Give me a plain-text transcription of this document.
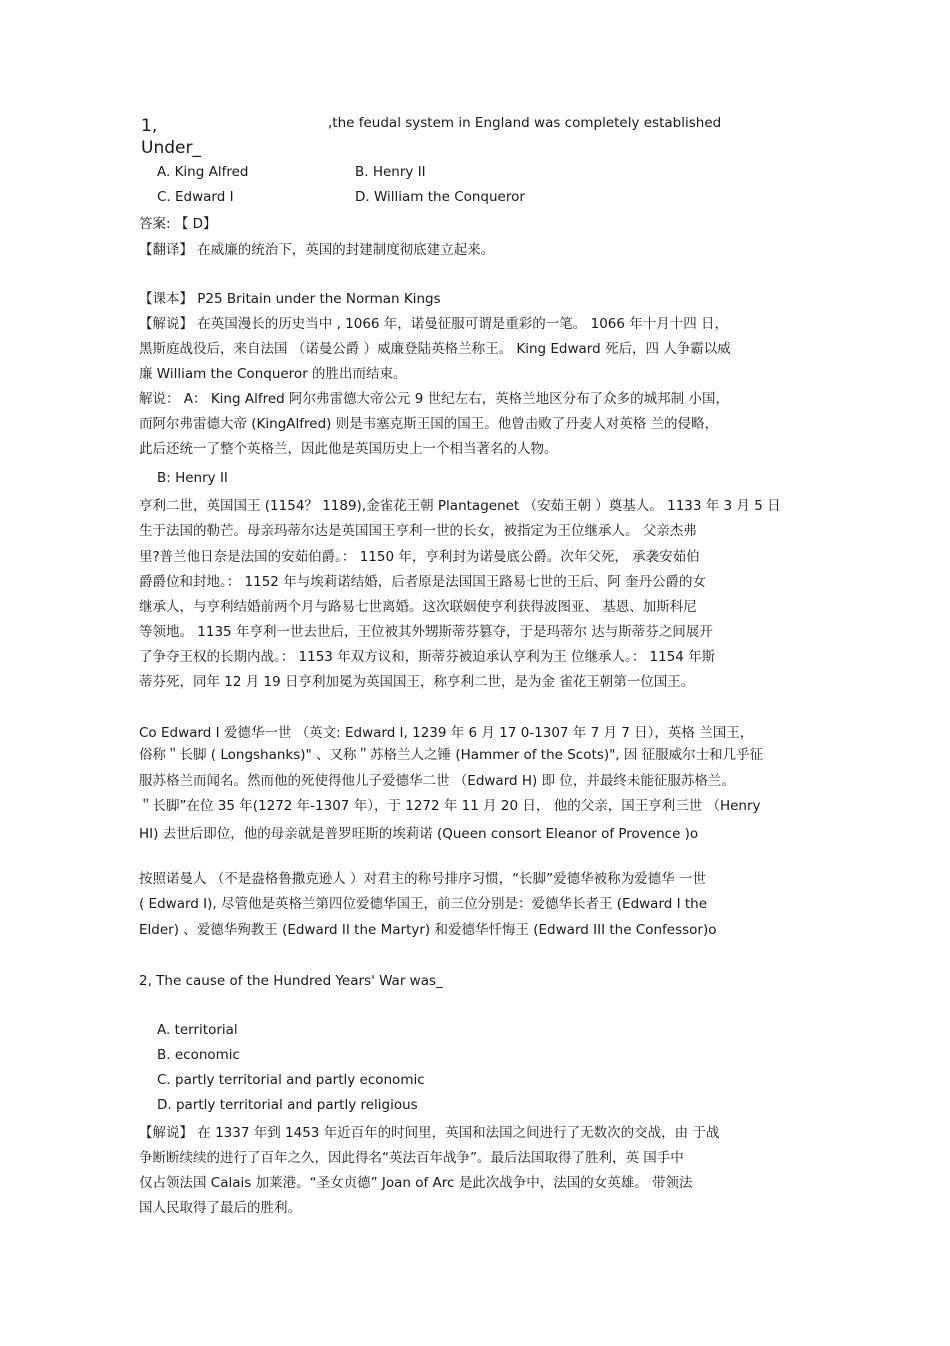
1,	,the feudal system in England was completely established
Under_
A. King Alfred	B. Henry II
C. Edward I	D. William the Conqueror
答案: 【 D】
【翻译】 在威廉的统治下，英国的封建制度彻底建立起来。
【课本】 P25 Britain under the Norman Kings
【解说】 在英国漫长的历史当中 , 1066 年，诺曼征服可谓是重彩的一笔。 1066 年十月十四 日，
黑斯庭战役后，来自法国 （诺曼公爵 ）威廉登陆英格兰称王。 King Edward 死后，四 人争霸以威
廉 William the Conqueror 的胜出而结束。
解说： A： King Alfred 阿尔弗雷德大帝公元 9 世纪左右，英格兰地区分布了众多的城邦制 小国，
而阿尔弗雷德大帝 (KingAlfred) 则是韦塞克斯王国的国王。他曾击败了丹麦人对英格 兰的侵略，
此后还统一了整个英格兰，因此他是英国历史上一个相当著名的人物。
B: Henry II
亨利二世，英国国王 (1154？ 1189),金雀花王朝 Plantagenet （安茹王朝 ）奠基人。 1133 年 3 月 5 日
生于法国的勒芒。母亲玛蒂尔达是英国国王亨利一世的长女，被指定为王位继承人。 父亲杰弗
里?普兰他日奈是法国的安茹伯爵。： 1150 年，亨利封为诺曼底公爵。次年父死， 承袭安茹伯
爵爵位和封地。： 1152 年与埃莉诺结婚，后者原是法国国王路易七世的王后、阿 奎丹公爵的女
继承人，与亨利结婚前两个月与路易七世离婚。这次联姻使亨利获得波图亚、 基恩、加斯科尼
等领地。 1135 年亨利一世去世后，王位被其外甥斯蒂芬篡夺，于是玛蒂尔 达与斯蒂芬之间展开
了争夺王权的长期内战。： 1153 年双方议和，斯蒂芬被迫承认亨利为王 位继承人。： 1154 年斯
蒂芬死，同年 12 月 19 日亨利加冕为英国国王，称亨利二世，是为金 雀花王朝第一位国王。
Co Edward I 爱德华一世 （英文: Edward I, 1239 年 6 月 17 0-1307 年 7 月 7 日），英格 兰国王，
俗称＂长脚 ( Longshanks)" 、又称＂苏格兰人之锤 (Hammer of the Scots)", 因 征服威尔士和几乎征
服苏格兰而闻名。然而他的死使得他儿子爱德华二世 （Edward H) 即 位，并最终未能征服苏格兰。
＂长脚”在位 35 年(1272 年-1307 年），于 1272 年 11 月 20 日， 他的父亲，国王亨利三世 （Henry
HI) 去世后即位，他的母亲就是普罗旺斯的埃莉诺 (Queen consort Eleanor of Provence )o
按照诺曼人 （不是盎格鲁撒克逊人 ）对君主的称号排序习惯，“长脚”爱德华被称为爱德华 一世
( Edward I), 尽管他是英格兰第四位爱德华国王，前三位分别是：爱德华长者王 (Edward I the
Elder) 、爱德华殉教王 (Edward II the Martyr) 和爱德华忏悔王 (Edward III the Confessor)o
2, The cause of the Hundred Years' War was_
A. territorial
B. economic
C. partly territorial and partly economic
D. partly territorial and partly religious
【解说】 在 1337 年到 1453 年近百年的时间里，英国和法国之间进行了无数次的交战，由 于战
争断断续续的进行了百年之久，因此得名“英法百年战争”。最后法国取得了胜利，英 国手中
仅占领法国 Calais 加莱港。“圣女贞德” Joan of Arc 是此次战争中，法国的女英雄。 带领法
国人民取得了最后的胜利。
